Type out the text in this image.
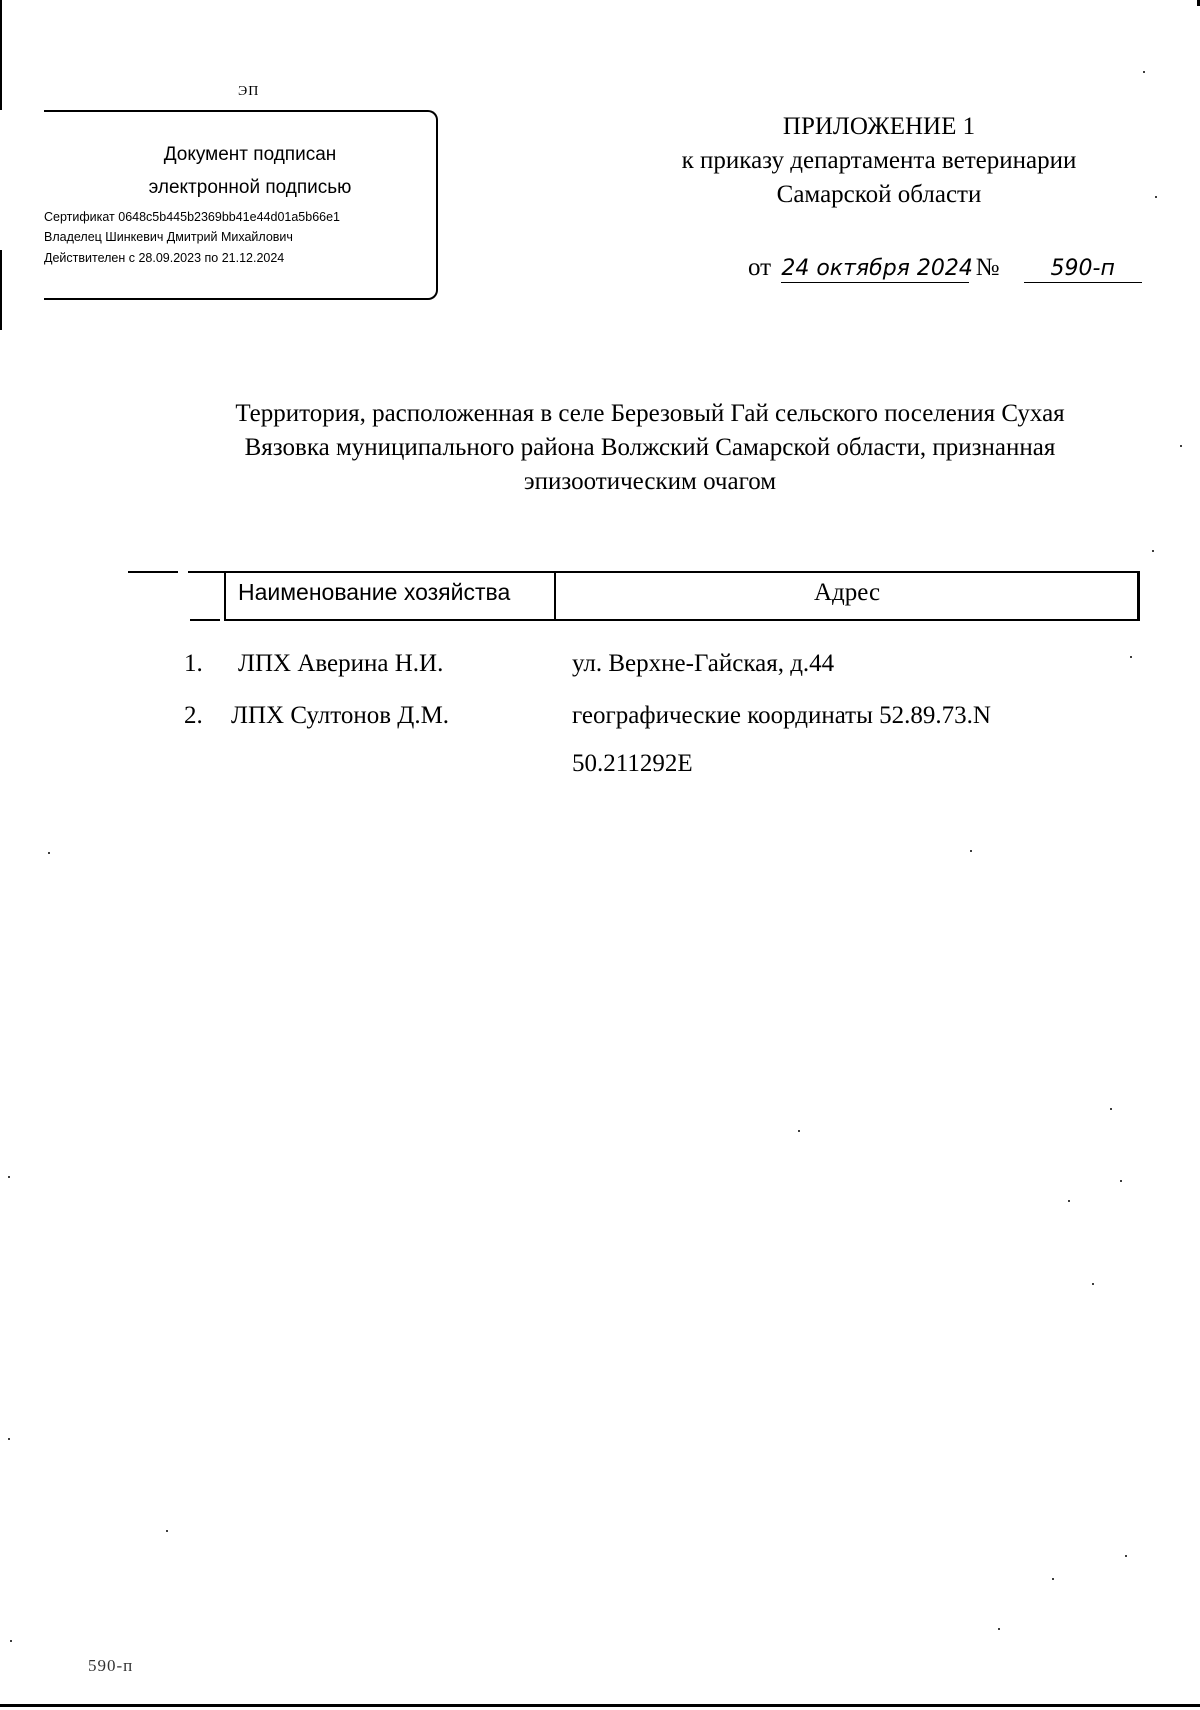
ЭП
Документ подписан
электронной подписью
Сертификат 0648c5b445b2369bb41e44d01a5b66e1
Владелец Шинкевич Дмитрий Михайлович
Действителен с 28.09.2023 по 21.12.2024
ПРИЛОЖЕНИЕ 1
к приказу департамента ветеринарии
Самарской области
от 24 октября 2024 № 590-п
Территория, расположенная в селе Березовый Гай сельского поселения Сухая
Вязовка муниципального района Волжский Самарской области, признанная
эпизоотическим очагом
Наименование хозяйства	Адрес
1. ЛПХ Аверина Н.И.	ул. Верхне-Гайская, д.44
2. ЛПХ Султонов Д.М.	географические координаты 52.89.73.N
50.211292E
590-п
